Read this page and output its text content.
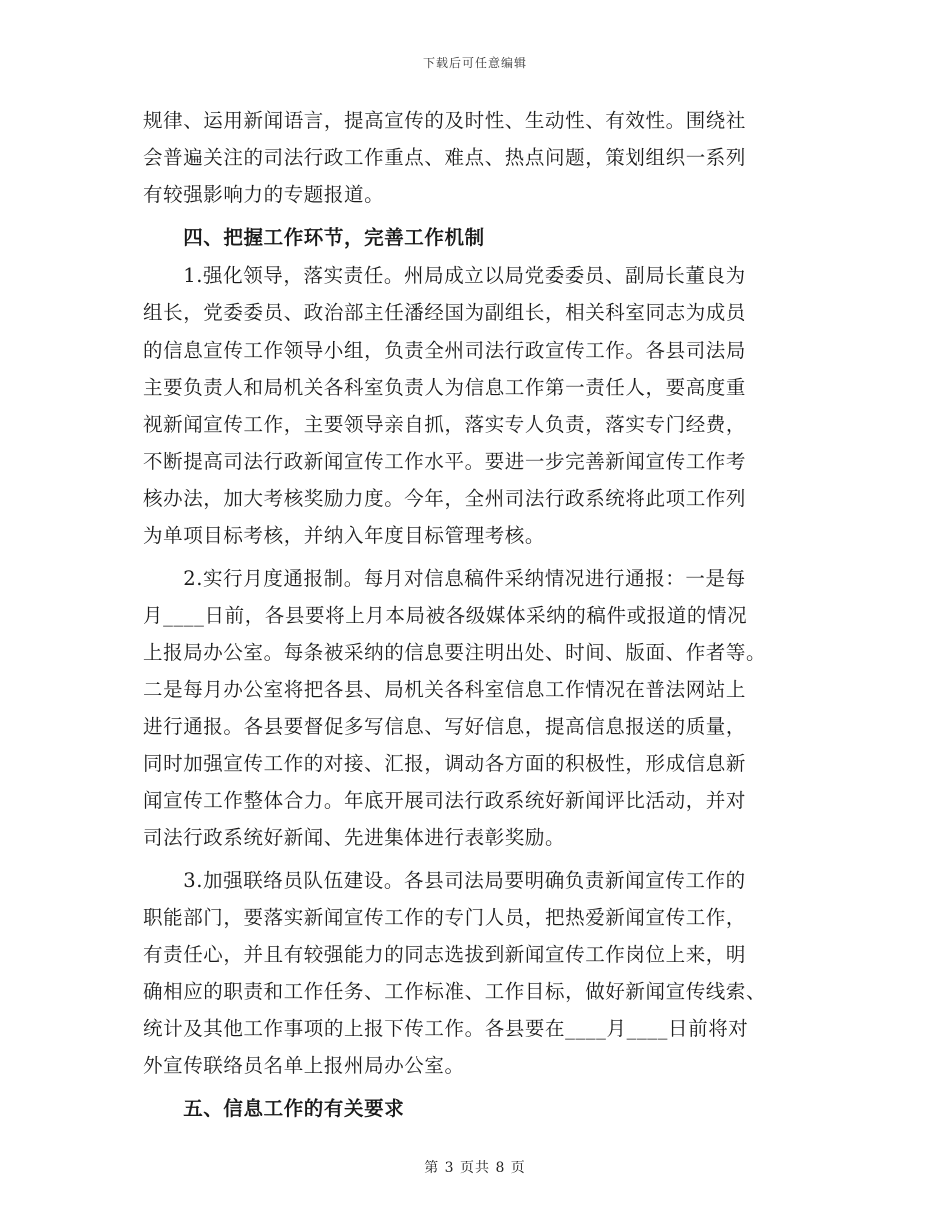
下载后可任意编辑
规律、运用新闻语言，提高宣传的及时性、生动性、有效性。围绕社
会普遍关注的司法行政工作重点、难点、热点问题，策划组织一系列
有较强影响力的专题报道。
　　四、把握工作环节，完善工作机制
　　1.强化领导，落实责任。州局成立以局党委委员、副局长董良为
组长，党委委员、政治部主任潘经国为副组长，相关科室同志为成员
的信息宣传工作领导小组，负责全州司法行政宣传工作。各县司法局
主要负责人和局机关各科室负责人为信息工作第一责任人，要高度重
视新闻宣传工作，主要领导亲自抓，落实专人负责，落实专门经费，
不断提高司法行政新闻宣传工作水平。要进一步完善新闻宣传工作考
核办法，加大考核奖励力度。今年，全州司法行政系统将此项工作列
为单项目标考核，并纳入年度目标管理考核。
　　2.实行月度通报制。每月对信息稿件采纳情况进行通报：一是每
月____日前，各县要将上月本局被各级媒体采纳的稿件或报道的情况
上报局办公室。每条被采纳的信息要注明出处、时间、版面、作者等。
二是每月办公室将把各县、局机关各科室信息工作情况在普法网站上
进行通报。各县要督促多写信息、写好信息，提高信息报送的质量，
同时加强宣传工作的对接、汇报，调动各方面的积极性，形成信息新
闻宣传工作整体合力。年底开展司法行政系统好新闻评比活动，并对
司法行政系统好新闻、先进集体进行表彰奖励。
　　3.加强联络员队伍建设。各县司法局要明确负责新闻宣传工作的
职能部门，要落实新闻宣传工作的专门人员，把热爱新闻宣传工作，
有责任心，并且有较强能力的同志选拔到新闻宣传工作岗位上来，明
确相应的职责和工作任务、工作标准、工作目标，做好新闻宣传线索、
统计及其他工作事项的上报下传工作。各县要在____月____日前将对
外宣传联络员名单上报州局办公室。
　　五、信息工作的有关要求
第 3 页共 8 页
